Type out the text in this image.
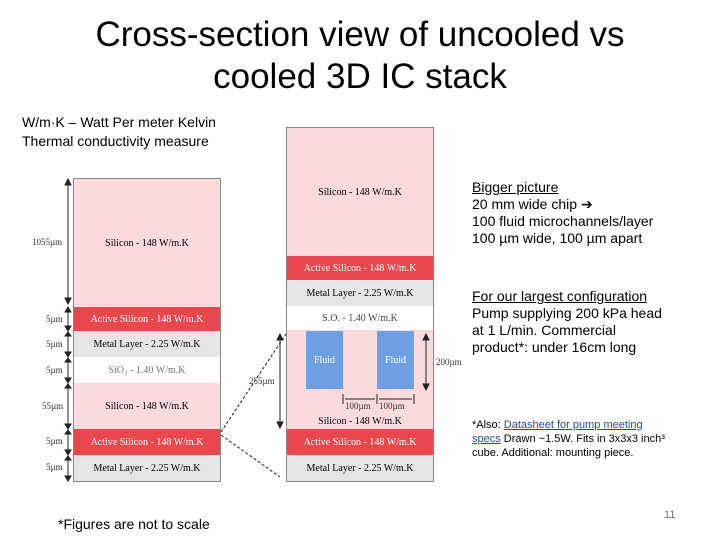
Cross-section view of uncooled vs
cooled 3D IC stack
W/m·K – Watt Per meter Kelvin
Thermal conductivity measure
Silicon - 148 W/m.K
Active Silicon - 148 W/m.K
Metal Layer - 2.25 W/m.K
SiO₂ - 1.40 W/m.K
Silicon - 148 W/m.K
Active Silicon - 148 W/m.K
Metal Layer - 2.25 W/m.K
1055µm
5µm
5µm
5µm
55µm
5µm
5µm
Silicon - 148 W/m.K
Active Silicon - 148 W/m.K
Metal Layer - 2.25 W/m.K
S.O. - 1.40 W/m.K
Silicon - 148 W/m.K
Fluid	Fluid
Active Silicon - 148 W/m.K
Metal Layer - 2.25 W/m.K
255µm
200µm
100µm 100µm
Bigger picture
20 mm wide chip ➔
100 fluid microchannels/layer
100 µm wide, 100 µm apart
For our largest configuration
Pump supplying 200 kPa head
at 1 L/min. Commercial
product*: under 16cm long
*Also: Datasheet for pump meeting
specs Drawn ~1.5W. Fits in 3x3x3 inch³
cube. Additional: mounting piece.
*Figures are not to scale
11
